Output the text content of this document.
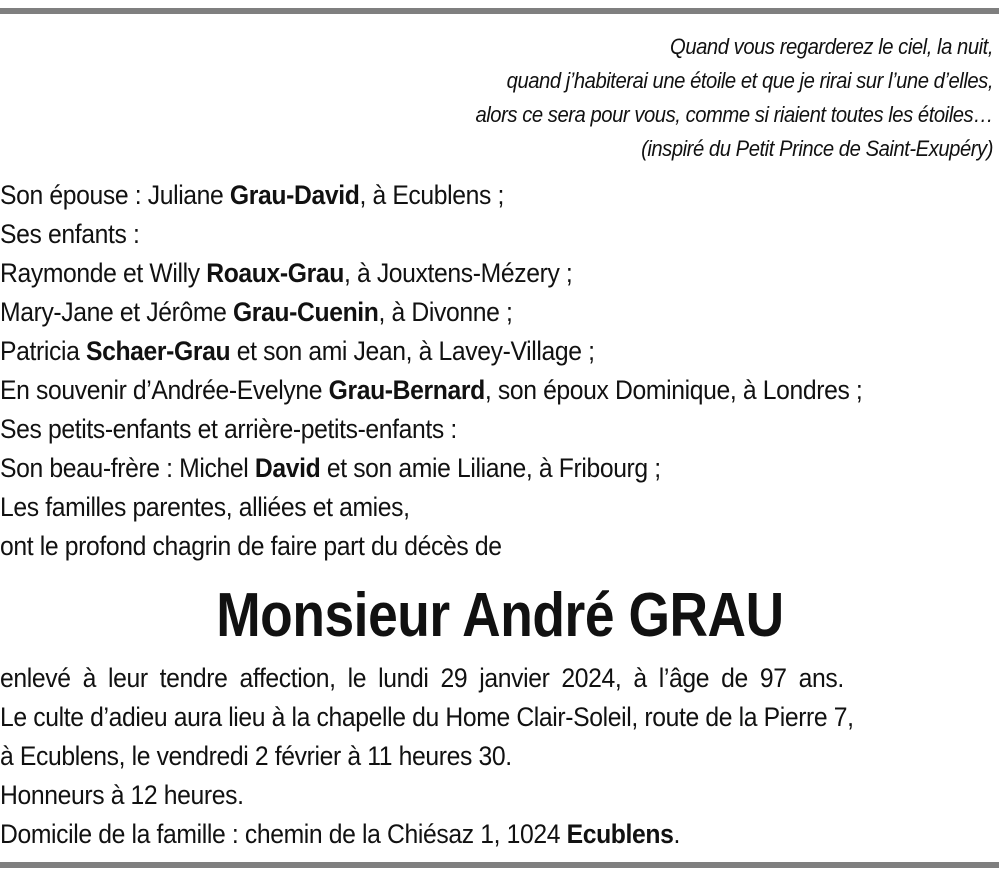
Quand vous regarderez le ciel, la nuit,
quand j’habiterai une étoile et que je rirai sur l’une d’elles,
alors ce sera pour vous, comme si riaient toutes les étoiles…
(inspiré du Petit Prince de Saint-Exupéry)
Son épouse : Juliane Grau-David, à Ecublens ;
Ses enfants :
Raymonde et Willy Roaux-Grau, à Jouxtens-Mézery ;
Mary-Jane et Jérôme Grau-Cuenin, à Divonne ;
Patricia Schaer-Grau et son ami Jean, à Lavey-Village ;
En souvenir d’Andrée-Evelyne Grau-Bernard, son époux Dominique, à Londres ;
Ses petits-enfants et arrière-petits-enfants :
Son beau-frère : Michel David et son amie Liliane, à Fribourg ;
Les familles parentes, alliées et amies,
ont le profond chagrin de faire part du décès de
Monsieur André GRAU
enlevé à leur tendre affection, le lundi 29 janvier 2024, à l’âge de 97 ans.
Le culte d’adieu aura lieu à la chapelle du Home Clair-Soleil, route de la Pierre 7,
à Ecublens, le vendredi 2 février à 11 heures 30.
Honneurs à 12 heures.
Domicile de la famille : chemin de la Chiésaz 1, 1024 Ecublens.
